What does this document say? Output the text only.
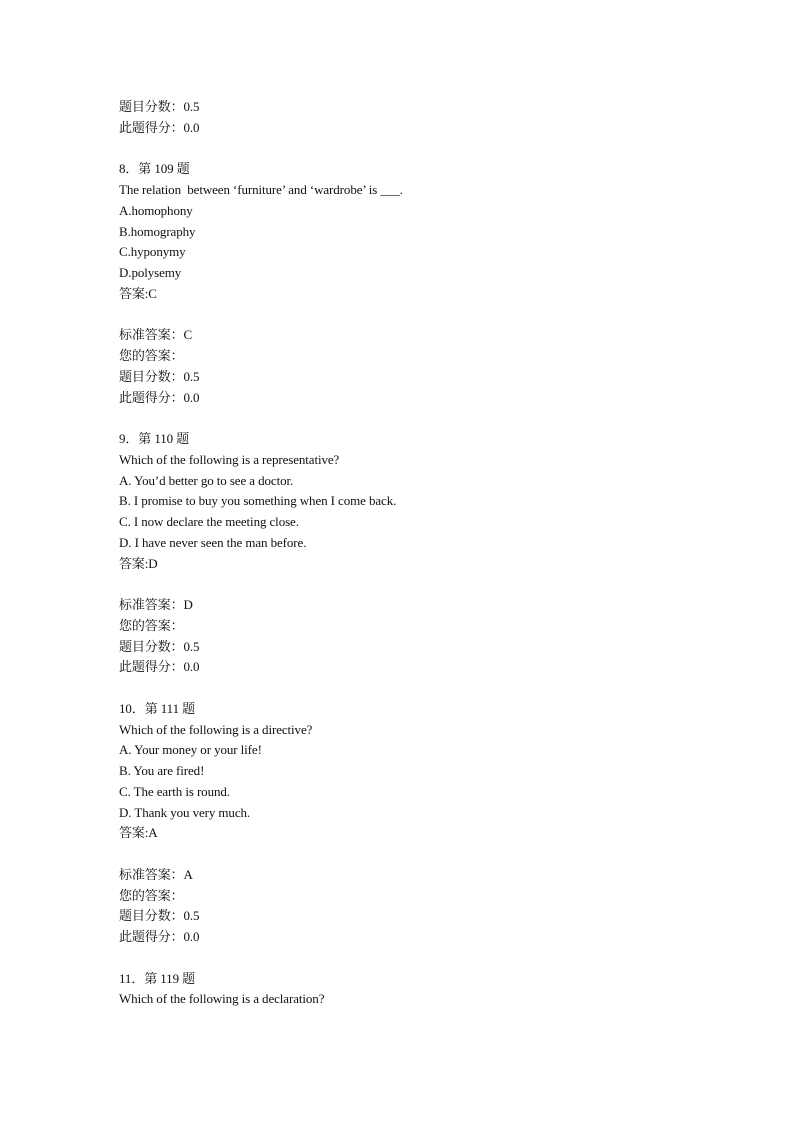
题目分数：0.5
此题得分：0.0
8．第 109 题
The relation  between ‘furniture’ and ‘wardrobe’ is ___.
A.homophony
B.homography
C.hyponymy
D.polysemy
答案:C
标准答案：C
您的答案：
题目分数：0.5
此题得分：0.0
9．第 110 题
Which of the following is a representative?
A. You’d better go to see a doctor.
B. I promise to buy you something when I come back.
C. I now declare the meeting close.
D. I have never seen the man before.
答案:D
标准答案：D
您的答案：
题目分数：0.5
此题得分：0.0
10．第 111 题
Which of the following is a directive?
A. Your money or your life!
B. You are fired!
C. The earth is round.
D. Thank you very much.
答案:A
标准答案：A
您的答案：
题目分数：0.5
此题得分：0.0
11．第 119 题
Which of the following is a declaration?
